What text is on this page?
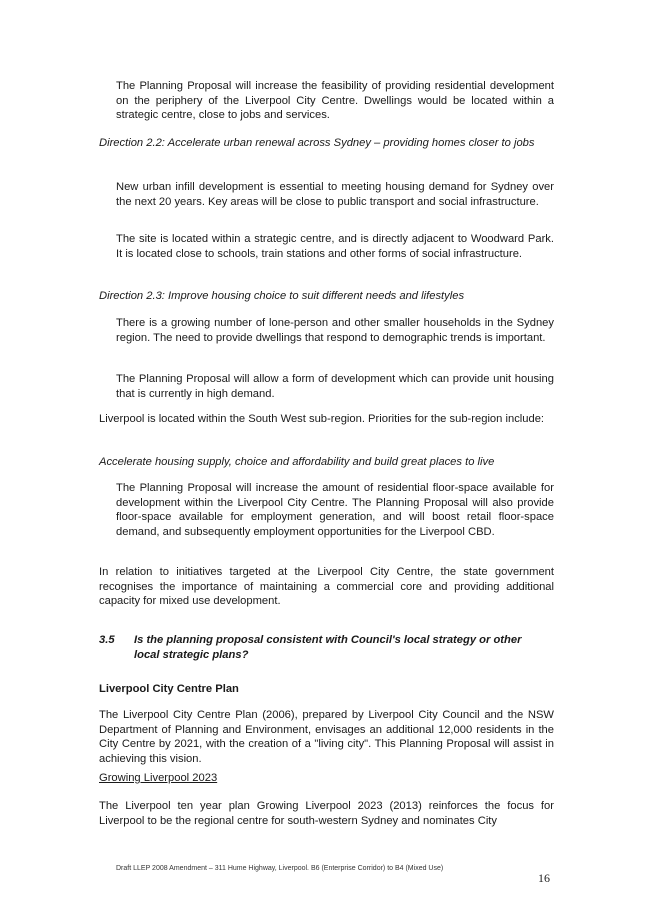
The Planning Proposal will increase the feasibility of providing residential development on the periphery of the Liverpool City Centre. Dwellings would be located within a strategic centre, close to jobs and services.

Direction 2.2: Accelerate urban renewal across Sydney – providing homes closer to jobs

New urban infill development is essential to meeting housing demand for Sydney over the next 20 years. Key areas will be close to public transport and social infrastructure.

The site is located within a strategic centre, and is directly adjacent to Woodward Park. It is located close to schools, train stations and other forms of social infrastructure.

Direction 2.3: Improve housing choice to suit different needs and lifestyles

There is a growing number of lone-person and other smaller households in the Sydney region. The need to provide dwellings that respond to demographic trends is important.

The Planning Proposal will allow a form of development which can provide unit housing that is currently in high demand.

Liverpool is located within the South West sub-region. Priorities for the sub-region include:

Accelerate housing supply, choice and affordability and build great places to live

The Planning Proposal will increase the amount of residential floor-space available for development within the Liverpool City Centre. The Planning Proposal will also provide floor-space available for employment generation, and will boost retail floor-space demand, and subsequently employment opportunities for the Liverpool CBD.

In relation to initiatives targeted at the Liverpool City Centre, the state government recognises the importance of maintaining a commercial core and providing additional capacity for mixed use development.

3.5 Is the planning proposal consistent with Council's local strategy or other local strategic plans?

Liverpool City Centre Plan

The Liverpool City Centre Plan (2006), prepared by Liverpool City Council and the NSW Department of Planning and Environment, envisages an additional 12,000 residents in the City Centre by 2021, with the creation of a "living city". This Planning Proposal will assist in achieving this vision.

Growing Liverpool 2023

The Liverpool ten year plan Growing Liverpool 2023 (2013) reinforces the focus for Liverpool to be the regional centre for south-western Sydney and nominates City

Draft LLEP 2008 Amendment – 311 Hume Highway, Liverpool. B6 (Enterprise Corridor) to B4 (Mixed Use)
16
